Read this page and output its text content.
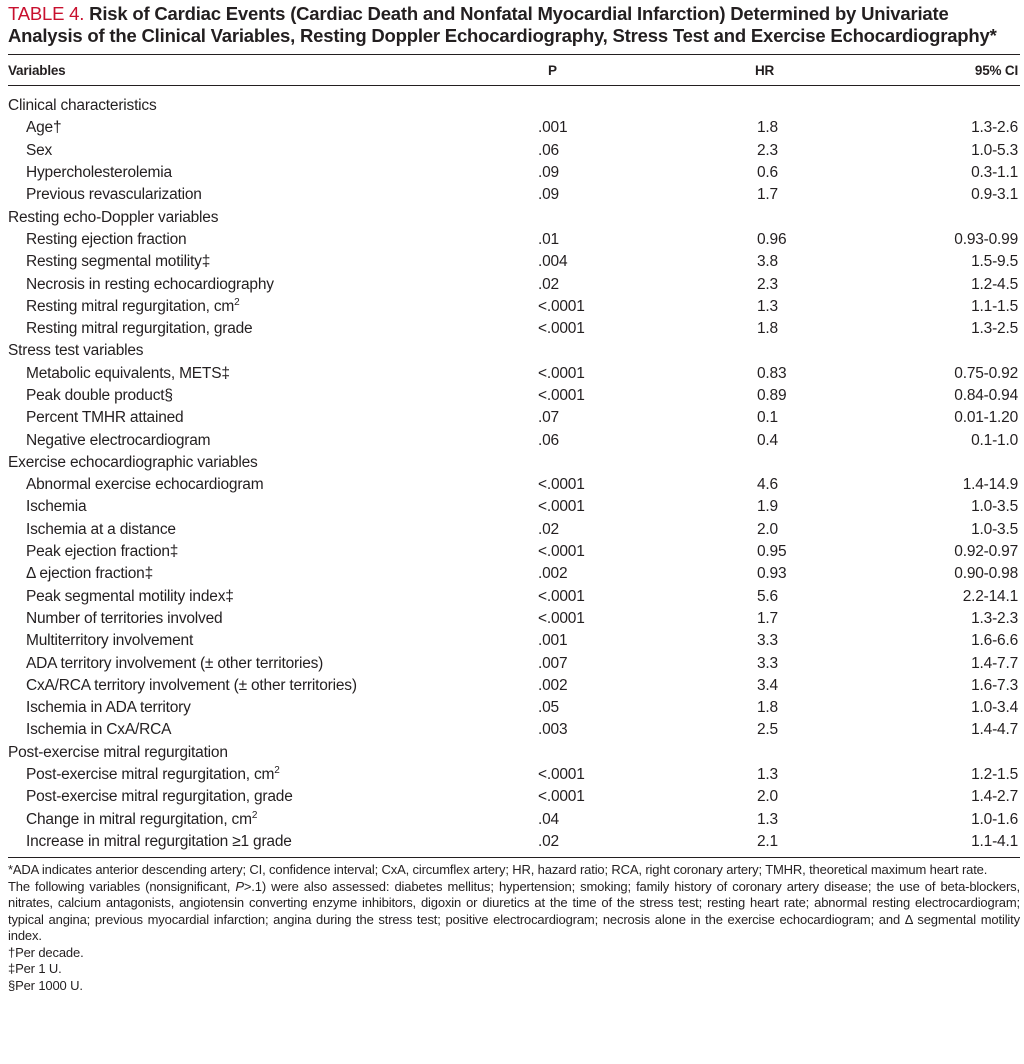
TABLE 4. Risk of Cardiac Events (Cardiac Death and Nonfatal Myocardial Infarction) Determined by Univariate Analysis of the Clinical Variables, Resting Doppler Echocardiography, Stress Test and Exercise Echocardiography*
Variables	P	HR	95% CI

Clinical characteristics			
Age†	.001	1.8	1.3-2.6
Sex	.06	2.3	1.0-5.3
Hypercholesterolemia	.09	0.6	0.3-1.1
Previous revascularization	.09	1.7	0.9-3.1
Resting echo-Doppler variables			
Resting ejection fraction	.01	0.96	0.93-0.99
Resting segmental motility‡	.004	3.8	1.5-9.5
Necrosis in resting echocardiography	.02	2.3	1.2-4.5
Resting mitral regurgitation, $cm^2$	<.0001	1.3	1.1-1.5
Resting mitral regurgitation, grade	<.0001	1.8	1.3-2.5
Stress test variables			
Metabolic equivalents, METS‡	<.0001	0.83	0.75-0.92
Peak double product§	<.0001	0.89	0.84-0.94
Percent TMHR attained	.07	0.1	0.01-1.20
Negative electrocardiogram	.06	0.4	0.1-1.0
Exercise echocardiographic variables			
Abnormal exercise echocardiogram	<.0001	4.6	1.4-14.9
Ischemia	<.0001	1.9	1.0-3.5
Ischemia at a distance	.02	2.0	1.0-3.5
Peak ejection fraction‡	<.0001	0.95	0.92-0.97
Δ ejection fraction‡	.002	0.93	0.90-0.98
Peak segmental motility index‡	<.0001	5.6	2.2-14.1
Number of territories involved	<.0001	1.7	1.3-2.3
Multiterritory involvement	.001	3.3	1.6-6.6
ADA territory involvement (± other territories)	.007	3.3	1.4-7.7
CxA/RCA territory involvement (± other territories)	.002	3.4	1.6-7.3
Ischemia in ADA territory	.05	1.8	1.0-3.4
Ischemia in CxA/RCA	.003	2.5	1.4-4.7
Post-exercise mitral regurgitation			
Post-exercise mitral regurgitation, $cm^2$	<.0001	1.3	1.2-1.5
Post-exercise mitral regurgitation, grade	<.0001	2.0	1.4-2.7
Change in mitral regurgitation, $cm^2$	.04	1.3	1.0-1.6
Increase in mitral regurgitation ≥1 grade	.02	2.1	1.1-4.1

*ADA indicates anterior descending artery; CI, confidence interval; CxA, circumflex artery; HR, hazard ratio; RCA, right coronary artery; TMHR, theoretical maximum heart rate.

The following variables (nonsignificant, P>.1) were also assessed: diabetes mellitus; hypertension; smoking; family history of coronary artery disease; the use of beta-blockers, nitrates, calcium antagonists, angiotensin converting enzyme inhibitors, digoxin or diuretics at the time of the stress test; resting heart rate; abnormal resting electrocardiogram; typical angina; previous myocardial infarction; angina during the stress test; positive electrocardiogram; necrosis alone in the exercise echocardiogram; and Δ segmental motility index.

†Per decade.

‡Per 1 U.

§Per 1000 U.
